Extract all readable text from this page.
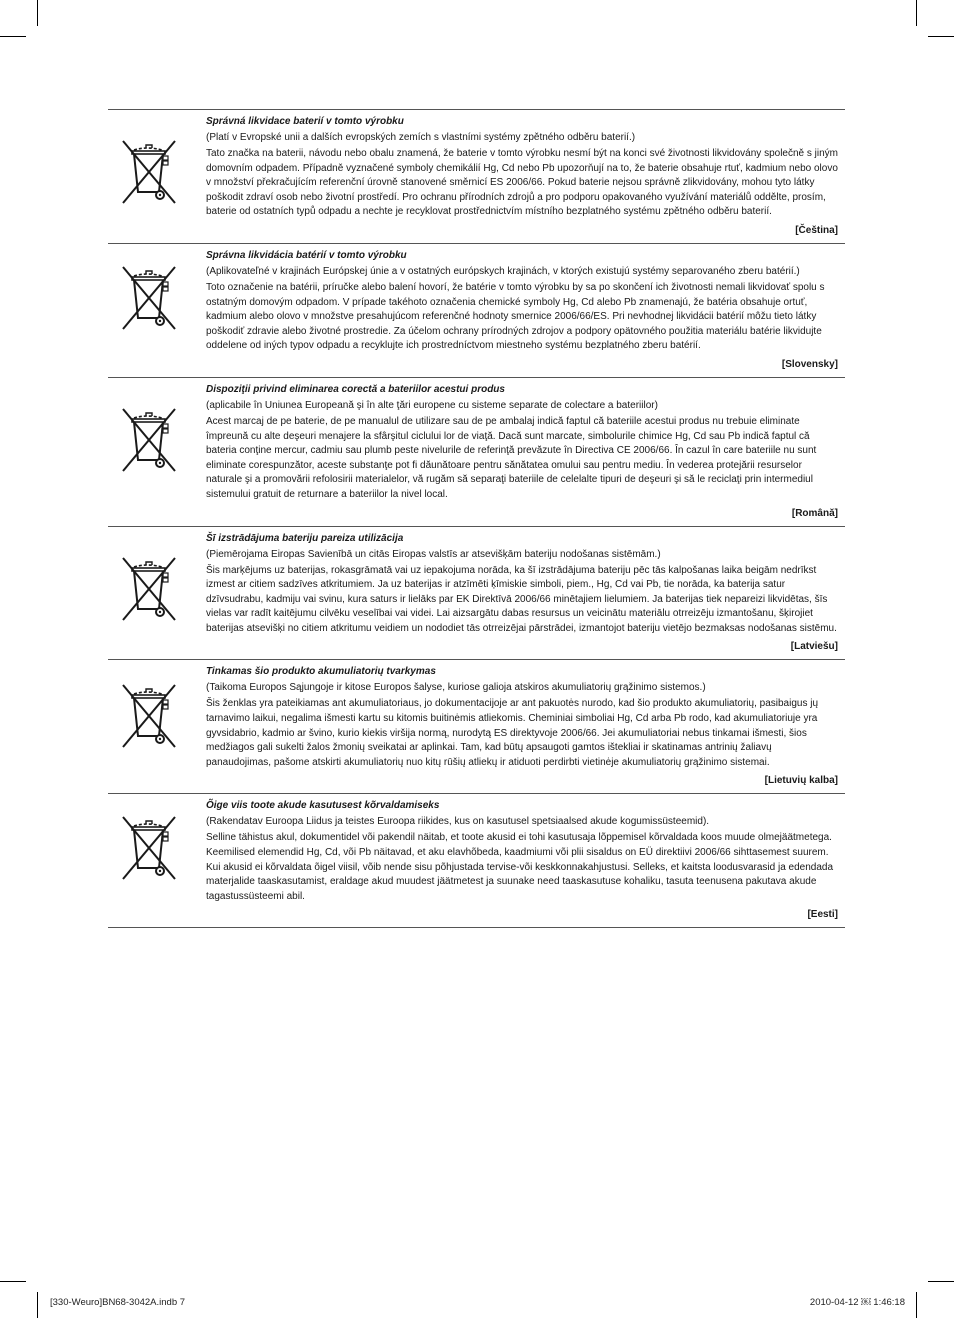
Správná likvidace baterií v tomto výrobku

(Platí v Evropské unii a dalších evropských zemích s vlastními systémy zpětného odběru baterií.)

Tato značka na baterii, návodu nebo obalu znamená, že baterie v tomto výrobku nesmí být na konci své životnosti likvidovány společně s jiným domovním odpadem. Případně vyznačené symboly chemikálií Hg, Cd nebo Pb upozorňují na to, že baterie obsahuje rtuť, kadmium nebo olovo v množství překračujícím referenční úrovně stanovené směrnicí ES 2006/66. Pokud baterie nejsou správně zlikvidovány, mohou tyto látky poškodit zdraví osob nebo životní prostředí. Pro ochranu přírodních zdrojů a pro podporu opakovaného využívání materiálů oddělte, prosím, baterie od ostatních typů odpadu a nechte je recyklovat prostřednictvím místního bezplatného systému zpětného odběru baterií.

[Čeština]

Správna likvidácia batérií v tomto výrobku

(Aplikovateľné v krajinách Európskej únie a v ostatných európskych krajinách, v ktorých existujú systémy separovaného zberu batérií.)

Toto označenie na batérii, príručke alebo balení hovorí, že batérie v tomto výrobku by sa po skončení ich životnosti nemali likvidovať spolu s ostatným domovým odpadom. V prípade takéhoto označenia chemické symboly Hg, Cd alebo Pb znamenajú, že batéria obsahuje ortuť, kadmium alebo olovo v množstve presahujúcom referenčné hodnoty smernice 2006/66/ES. Pri nevhodnej likvidácii batérií môžu tieto látky poškodiť zdravie alebo životné prostredie. Za účelom ochrany prírodných zdrojov a podpory opätovného použitia materiálu batérie likvidujte oddelene od iných typov odpadu a recyklujte ich prostredníctvom miestneho systému bezplatného zberu batérií.

[Slovensky]

Dispoziţii privind eliminarea corectă a bateriilor acestui produs

(aplicabile în Uniunea Europeană şi în alte ţări europene cu sisteme separate de colectare a bateriilor)

Acest marcaj de pe baterie, de pe manualul de utilizare sau de pe ambalaj indică faptul că bateriile acestui produs nu trebuie eliminate împreună cu alte deşeuri menajere la sfârşitul ciclului lor de viaţă. Dacă sunt marcate, simbolurile chimice Hg, Cd sau Pb indică faptul că bateria conţine mercur, cadmiu sau plumb peste nivelurile de referinţă prevăzute în Directiva CE 2006/66. În cazul în care bateriile nu sunt eliminate corespunzător, aceste substanţe pot fi dăunătoare pentru sănătatea omului sau pentru mediu. În vederea protejării resurselor naturale şi a promovării refolosirii materialelor, vă rugăm să separaţi bateriile de celelalte tipuri de deşeuri şi să le reciclaţi prin intermediul sistemului gratuit de returnare a bateriilor la nivel local.

[Română]

Šī izstrādājuma bateriju pareiza utilizācija

(Piemērojama Eiropas Savienībā un citās Eiropas valstīs ar atsevišķām bateriju nodošanas sistēmām.)

Šis marķējums uz baterijas, rokasgrāmatā vai uz iepakojuma norāda, ka šī izstrādājuma bateriju pēc tās kalpošanas laika beigām nedrīkst izmest ar citiem sadzīves atkritumiem. Ja uz baterijas ir atzīmēti ķīmiskie simboli, piem., Hg, Cd vai Pb, tie norāda, ka baterija satur dzīvsudrabu, kadmiju vai svinu, kura saturs ir lielāks par EK Direktīvā 2006/66 minētajiem lielumiem. Ja baterijas tiek nepareizi likvidētas, šīs vielas var radīt kaitējumu cilvēku veselībai vai videi. Lai aizsargātu dabas resursus un veicinātu materiālu otrreizēju izmantošanu, šķirojiet baterijas atsevišķi no citiem atkritumu veidiem un nododiet tās otrreizējai pārstrādei, izmantojot bateriju vietējo bezmaksas nodošanas sistēmu.

[Latviešu]

Tinkamas šio produkto akumuliatorių tvarkymas

(Taikoma Europos Sąjungoje ir kitose Europos šalyse, kuriose galioja atskiros akumuliatorių grąžinimo sistemos.)

Šis ženklas yra pateikiamas ant akumuliatoriaus, jo dokumentacijoje ar ant pakuotės nurodo, kad šio produkto akumuliatorių, pasibaigus jų tarnavimo laikui, negalima išmesti kartu su kitomis buitinėmis atliekomis. Cheminiai simboliai Hg, Cd arba Pb rodo, kad akumuliatoriuje yra gyvsidabrio, kadmio ar švino, kurio kiekis viršija normą, nurodytą ES direktyvoje 2006/66. Jei akumuliatoriai nebus tinkamai išmesti, šios medžiagos gali sukelti žalos žmonių sveikatai ar aplinkai. Tam, kad būtų apsaugoti gamtos ištekliai ir skatinamas antrinių žaliavų panaudojimas, pašome atskirti akumuliatorių nuo kitų rūšių atliekų ir atiduoti perdirbti vietinėje akumuliatorių grąžinimo sistemai.

[Lietuvių kalba]

Õige viis toote akude kasutusest kõrvaldamiseks

(Rakendatav Euroopa Liidus ja teistes Euroopa riikides, kus on kasutusel spetsiaalsed akude kogumissüsteemid).

Selline tähistus akul, dokumentidel või pakendil näitab, et toote akusid ei tohi kasutusaja lõppemisel kõrvaldada koos muude olmejäätmetega. Keemilised elemendid Hg, Cd, või Pb näitavad, et aku elavhõbeda, kaadmiumi või plii sisaldus on EÜ direktiivi 2006/66 sihttasemest suurem. Kui akusid ei kõrvaldata õigel viisil, võib nende sisu põhjustada tervise-või keskkonnakahjustusi. Selleks, et kaitsta loodusvarasid ja edendada materjalide taaskasutamist, eraldage akud muudest jäätmetest ja suunake need taaskasutuse kohaliku, tasuta teenusena pakutava akude tagastussüsteemi abil.

[Eesti]
[330-Weuro]BN68-3042A.indb 7	2010-04-12 ￼ 1:46:18
